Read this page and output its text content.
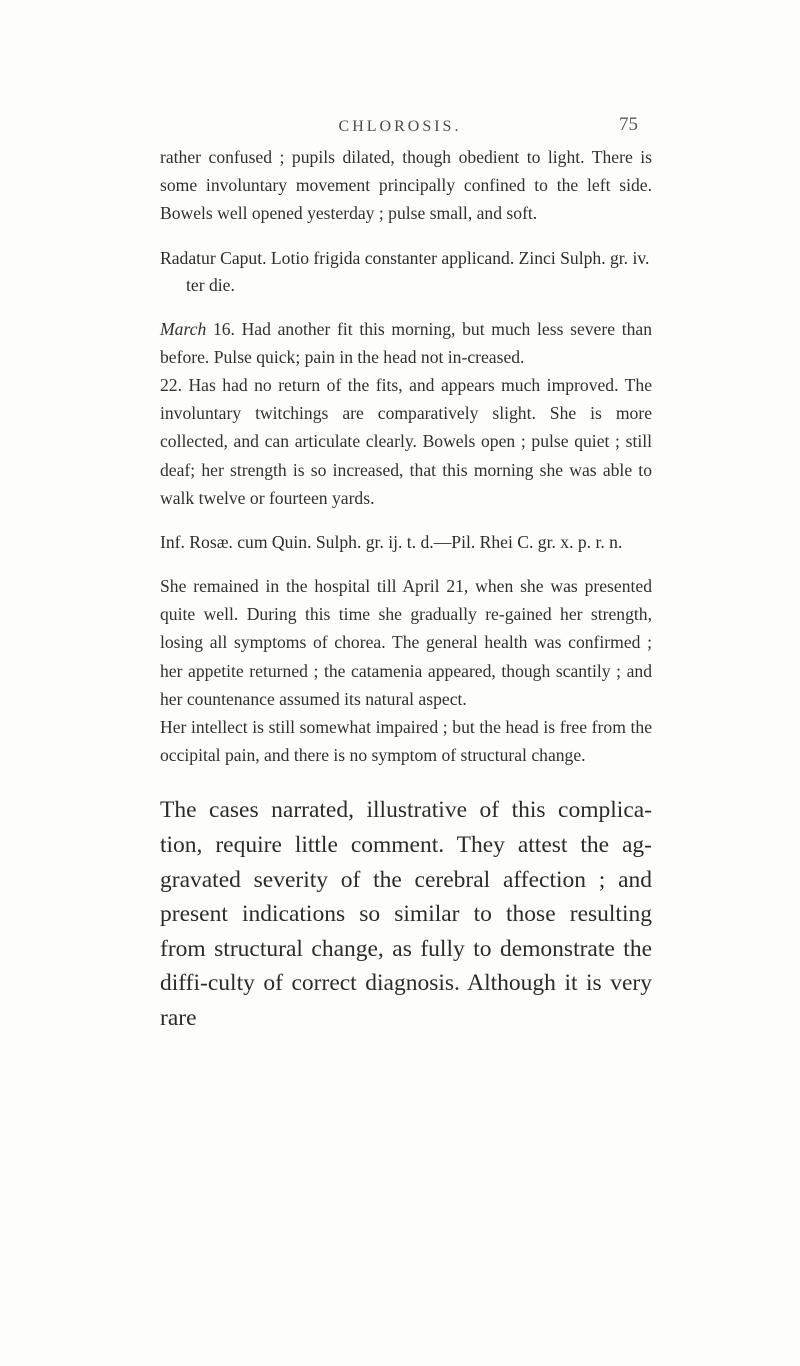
CHLOROSIS.	75

rather confused ; pupils dilated, though obedient to light. There is some involuntary movement principally confined to the left side. Bowels well opened yesterday ; pulse small, and soft.

Radatur Caput. Lotio frigida constanter applicand. Zinci Sulph. gr. iv. ter die.

March 16. Had another fit this morning, but much less severe than before. Pulse quick; pain in the head not in-creased.

22. Has had no return of the fits, and appears much improved. The involuntary twitchings are comparatively slight. She is more collected, and can articulate clearly. Bowels open ; pulse quiet ; still deaf; her strength is so increased, that this morning she was able to walk twelve or fourteen yards.

Inf. Rosæ. cum Quin. Sulph. gr. ij. t. d.—Pil. Rhei C. gr. x. p. r. n.

She remained in the hospital till April 21, when she was presented quite well. During this time she gradually re-gained her strength, losing all symptoms of chorea. The general health was confirmed ; her appetite returned ; the catamenia appeared, though scantily ; and her countenance assumed its natural aspect.

Her intellect is still somewhat impaired ; but the head is free from the occipital pain, and there is no symptom of structural change.

The cases narrated, illustrative of this complica-tion, require little comment. They attest the ag-gravated severity of the cerebral affection ; and present indications so similar to those resulting from structural change, as fully to demonstrate the diffi-culty of correct diagnosis. Although it is very rare
